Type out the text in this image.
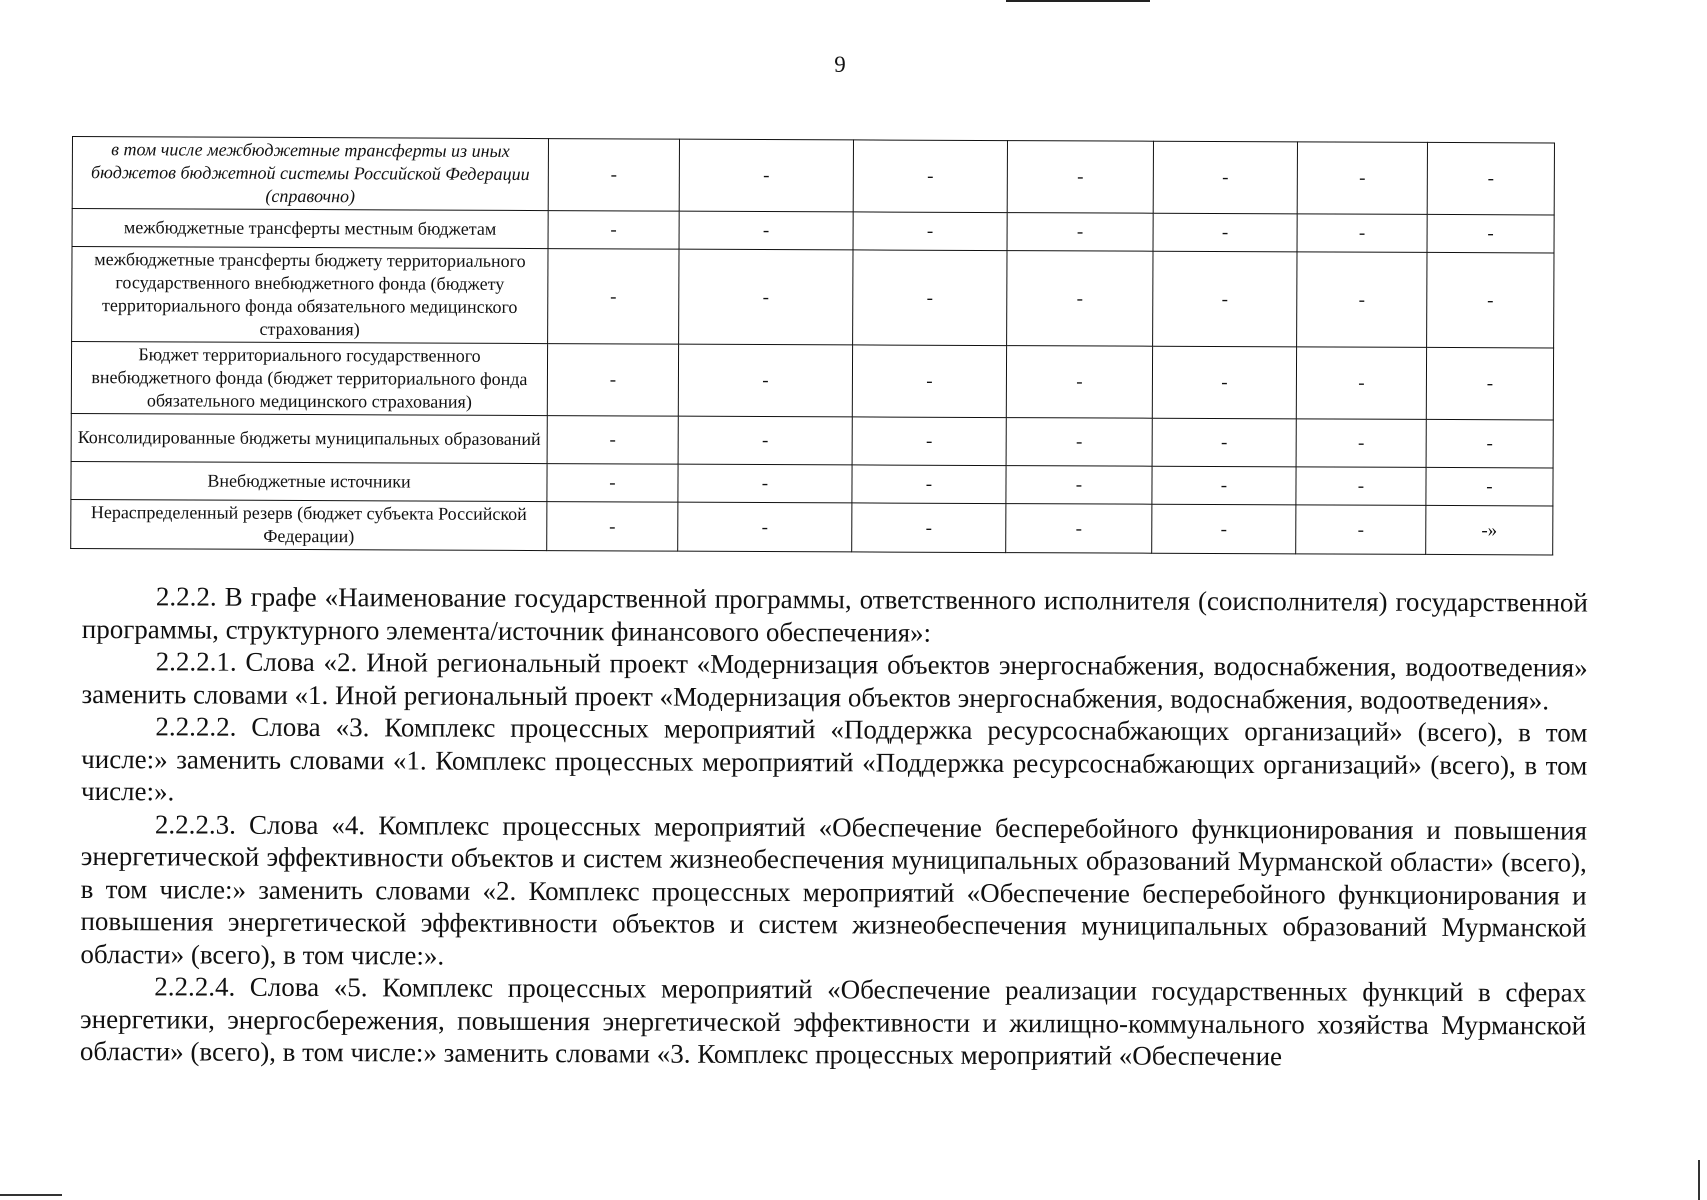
9
в том числе межбюджетные трансферты из иных бюджетов бюджетной системы Российской Федерации (справочно)	-	-	-	-	-	-	-
межбюджетные трансферты местным бюджетам	-	-	-	-	-	-	-
межбюджетные трансферты бюджету территориального государственного внебюджетного фонда (бюджету территориального фонда обязательного медицинского страхования)	-	-	-	-	-	-	-
Бюджет территориального государственного внебюджетного фонда (бюджет территориального фонда обязательного медицинского страхования)	-	-	-	-	-	-	-
Консолидированные бюджеты муниципальных образований	-	-	-	-	-	-	-
Внебюджетные источники	-	-	-	-	-	-	-
Нераспределенный резерв (бюджет субъекта Российской Федерации)	-	-	-	-	-	-	-»

2.2.2. В графе «Наименование государственной программы, ответственного исполнителя (соисполнителя) государственной программы, структурного элемента/источник финансового обеспечения»:

2.2.2.1. Слова «2. Иной региональный проект «Модернизация объектов энергоснабжения, водоснабжения, водоотведения» заменить словами «1. Иной региональный проект «Модернизация объектов энергоснабжения, водоснабжения, водоотведения».

2.2.2.2. Слова «3. Комплекс процессных мероприятий «Поддержка ресурсоснабжающих организаций» (всего), в том числе:» заменить словами «1. Комплекс процессных мероприятий «Поддержка ресурсоснабжающих организаций» (всего), в том числе:».

2.2.2.3. Слова «4. Комплекс процессных мероприятий «Обеспечение бесперебойного функционирования и повышения энергетической эффективности объектов и систем жизнеобеспечения муниципальных образований Мурманской области» (всего), в том числе:» заменить словами «2. Комплекс процессных мероприятий «Обеспечение бесперебойного функционирования и повышения энергетической эффективности объектов и систем жизнеобеспечения муниципальных образований Мурманской области» (всего), в том числе:».

2.2.2.4. Слова «5. Комплекс процессных мероприятий «Обеспечение реализации государственных функций в сферах энергетики, энергосбережения, повышения энергетической эффективности и жилищно-коммунального хозяйства Мурманской области» (всего), в том числе:» заменить словами «3. Комплекс процессных мероприятий «Обеспечение
